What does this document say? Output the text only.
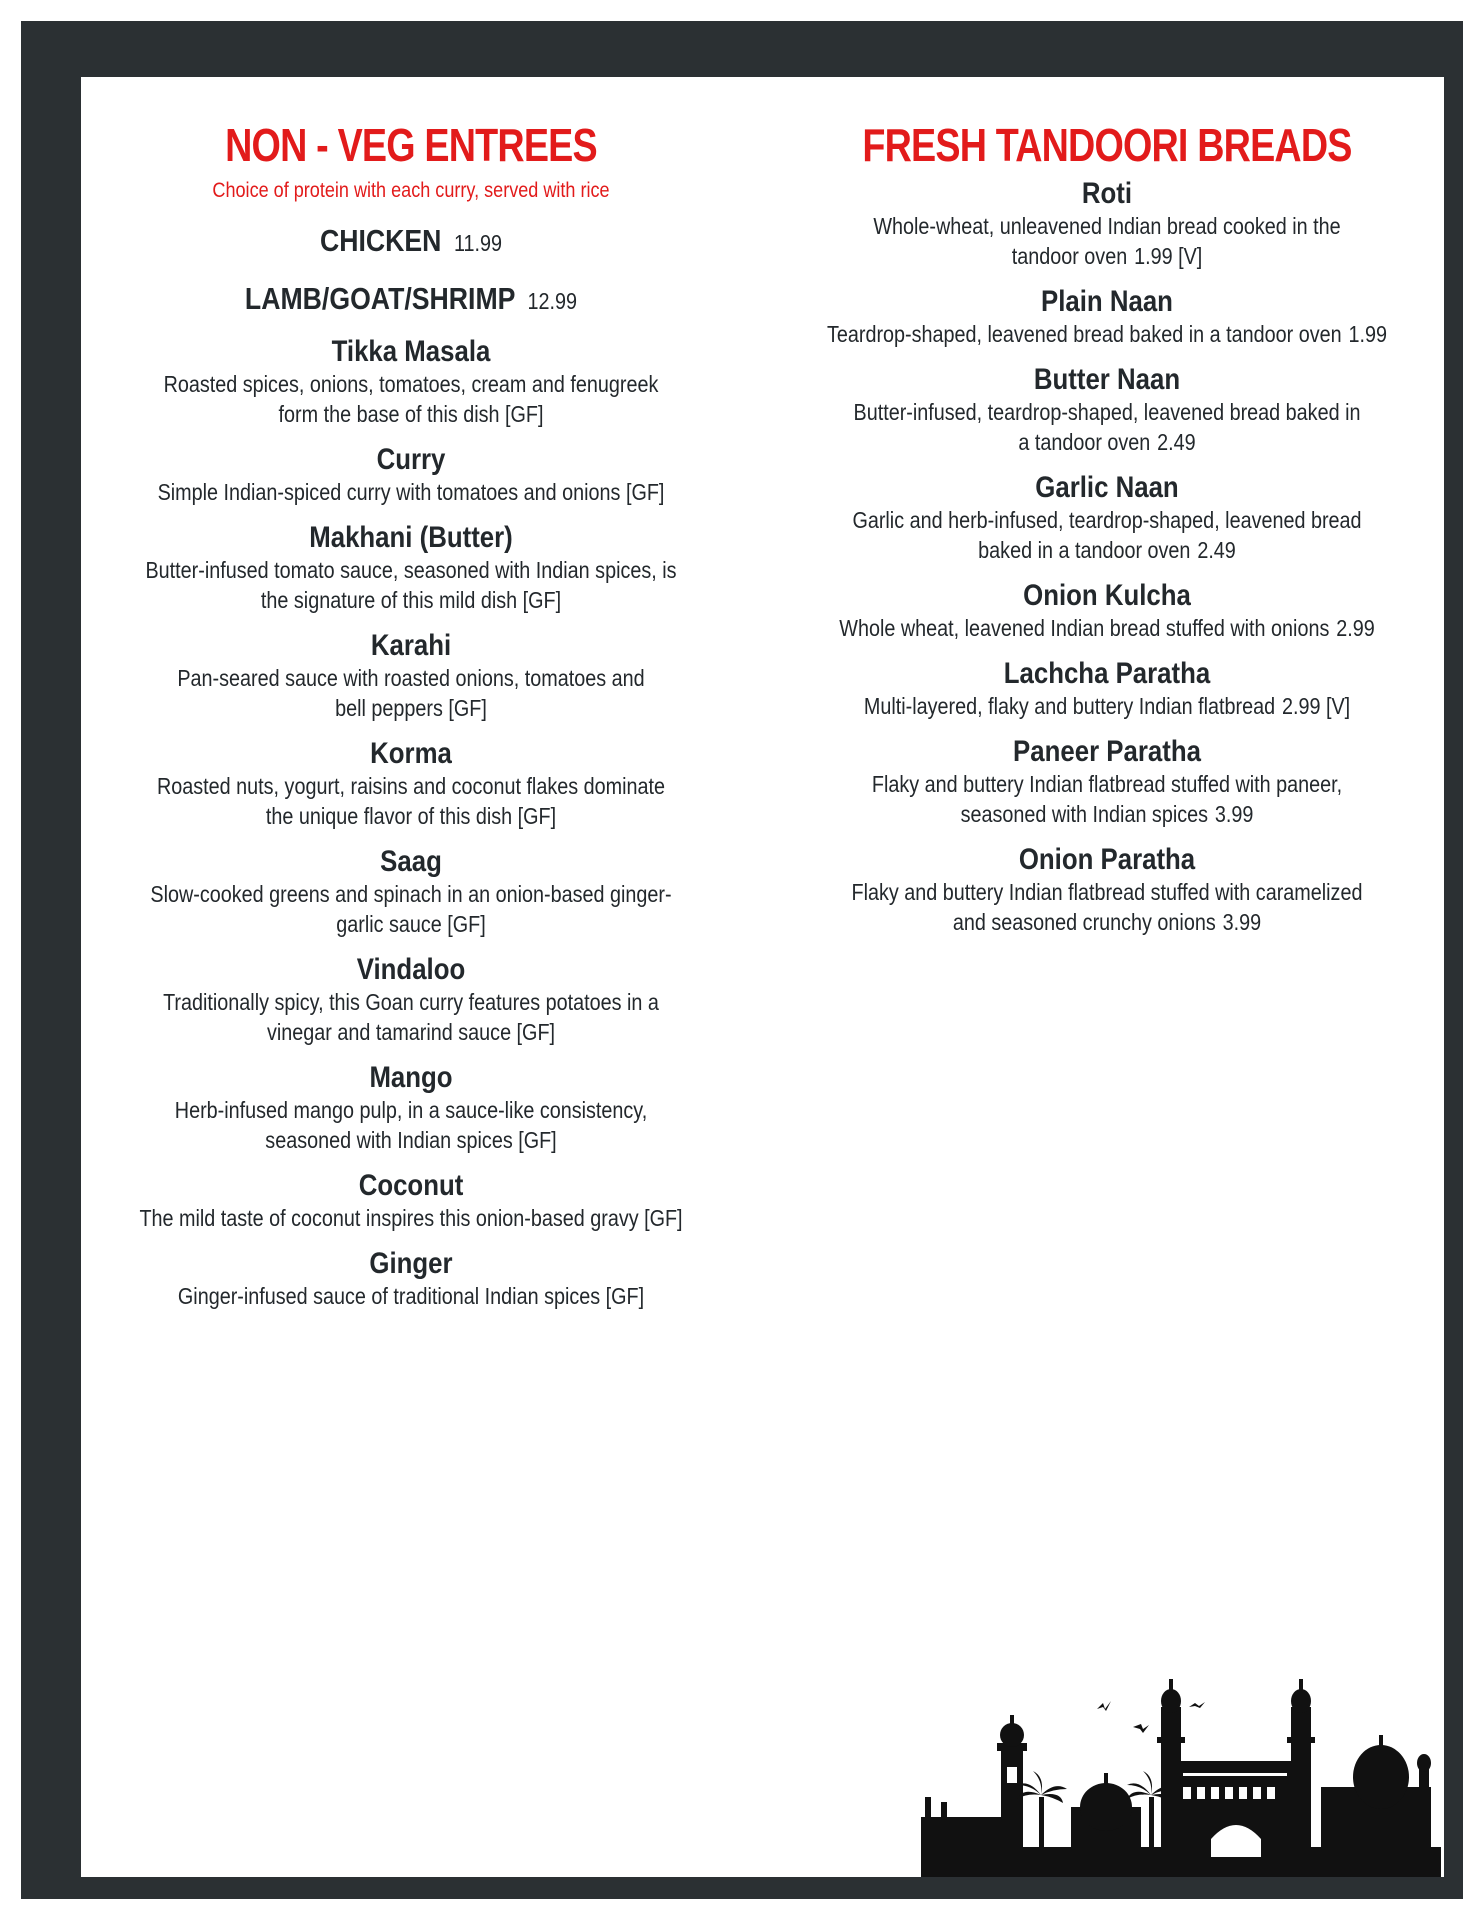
NON - VEG ENTREES
Choice of protein with each curry, served with rice
CHICKEN 11.99
LAMB/GOAT/SHRIMP 12.99
Tikka Masala
Roasted spices, onions, tomatoes, cream and fenugreek form the base of this dish [GF]
Curry
Simple Indian-spiced curry with tomatoes and onions [GF]
Makhani (Butter)
Butter-infused tomato sauce, seasoned with Indian spices, is the signature of this mild dish [GF]
Karahi
Pan-seared sauce with roasted onions, tomatoes and bell peppers [GF]
Korma
Roasted nuts, yogurt, raisins and coconut flakes dominate the unique flavor of this dish [GF]
Saag
Slow-cooked greens and spinach in an onion-based ginger-garlic sauce [GF]
Vindaloo
Traditionally spicy, this Goan curry features potatoes in a vinegar and tamarind sauce [GF]
Mango
Herb-infused mango pulp, in a sauce-like consistency, seasoned with Indian spices [GF]
Coconut
The mild taste of coconut inspires this onion-based gravy [GF]
Ginger
Ginger-infused sauce of traditional Indian spices [GF]
FRESH TANDOORI BREADS
Roti
Whole-wheat, unleavened Indian bread cooked in the tandoor oven 1.99 [V]
Plain Naan
Teardrop-shaped, leavened bread baked in a tandoor oven 1.99
Butter Naan
Butter-infused, teardrop-shaped, leavened bread baked in a tandoor oven 2.49
Garlic Naan
Garlic and herb-infused, teardrop-shaped, leavened bread baked in a tandoor oven 2.49
Onion Kulcha
Whole wheat, leavened Indian bread stuffed with onions 2.99
Lachcha Paratha
Multi-layered, flaky and buttery Indian flatbread 2.99 [V]
Paneer Paratha
Flaky and buttery Indian flatbread stuffed with paneer, seasoned with Indian spices 3.99
Onion Paratha
Flaky and buttery Indian flatbread stuffed with caramelized and seasoned crunchy onions 3.99
